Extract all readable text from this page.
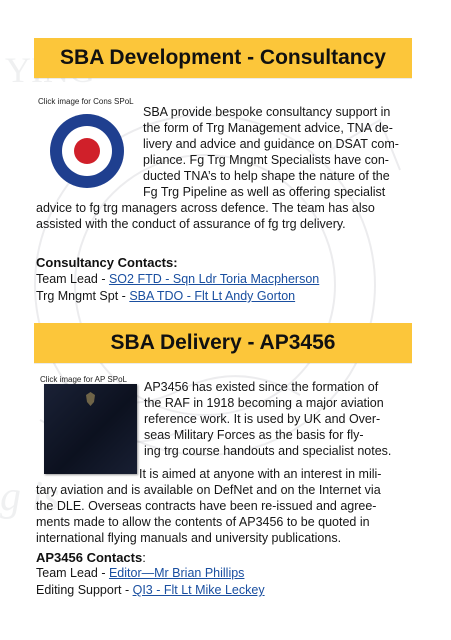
g is
SBA Development - Consultancy
Click image for Cons SPoL
SBA provide bespoke consultancy support in
the form of Trg Management advice, TNA de-
livery and advice and guidance on DSAT com-
pliance. Fg Trg Mngmt Specialists have con-
ducted TNA’s to help shape the nature of the
Fg Trg Pipeline as well as offering specialist
advice to fg trg managers across defence. The team has also
assisted with the conduct of assurance of fg trg delivery.
Consultancy Contacts:
Team Lead - SO2 FTD - Sqn Ldr Toria Macpherson
Trg Mngmt Spt - SBA TDO - Flt Lt Andy Gorton
SBA Delivery - AP3456
Click image for AP SPoL
AP3456 has existed since the formation of
the RAF in 1918 becoming a major aviation
reference work. It is used by UK and Over-
seas Military Forces as the basis for fly-
ing trg course handouts and specialist notes.
It is aimed at anyone with an interest in mili-
tary aviation and is available on DefNet and on the Internet via
the DLE. Overseas contracts have been re-issued and agree-
ments made to allow the contents of AP3456 to be quoted in
international flying manuals and university publications.
AP3456 Contacts:
Team Lead - Editor—Mr Brian Phillips
Editing Support - QI3 - Flt Lt Mike Leckey
